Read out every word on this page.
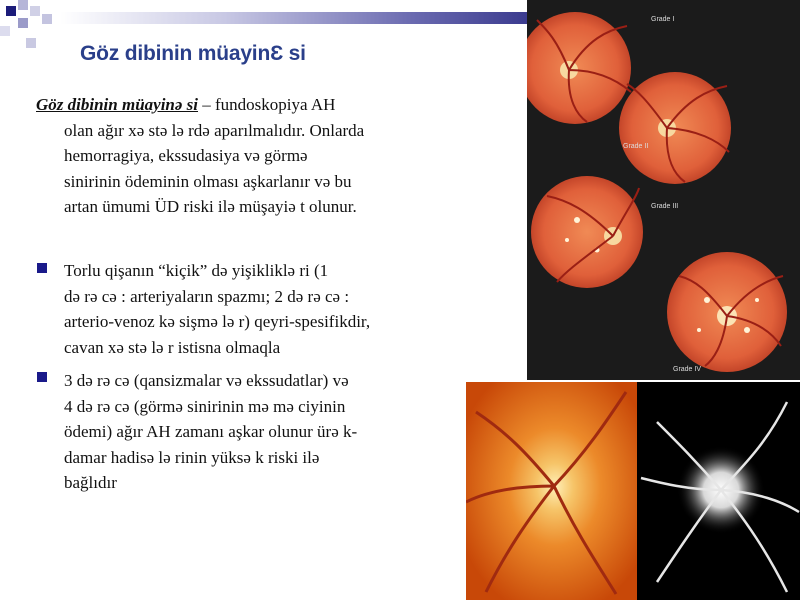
Göz dibinin müayinƐ si
Göz dibinin müayinә si – fundoskopiya AH
olan ağır xә stә lә rdә aparılmalıdır. Onlarda
hemorragiya, ekssudasiya vә görmә
sinirinin ödeminin olması aşkarlanır vә bu
artan ümumi ÜD riski ilә müşayiә t olunur.
Torlu qişanın “kiçik” dә yişikliklә ri (1
dә rә cә : arteriyaların spazmı; 2 dә rә cә :
arterio-venoz kә sişmә lә r) qeyri-spesifikdir,
cavan xә stә lә r istisna olmaqla
3 dә rә cә (qansizmalar vә ekssudatlar) vә
4 dә rә cә (görmә sinirinin mә mә ciyinin
ödemi) ağır AH zamanı aşkar olunur ürә k-
damar hadisә lә rinin yüksә k riski ilә
bağlıdır
Grade I
Grade II
Grade III
Grade IV
